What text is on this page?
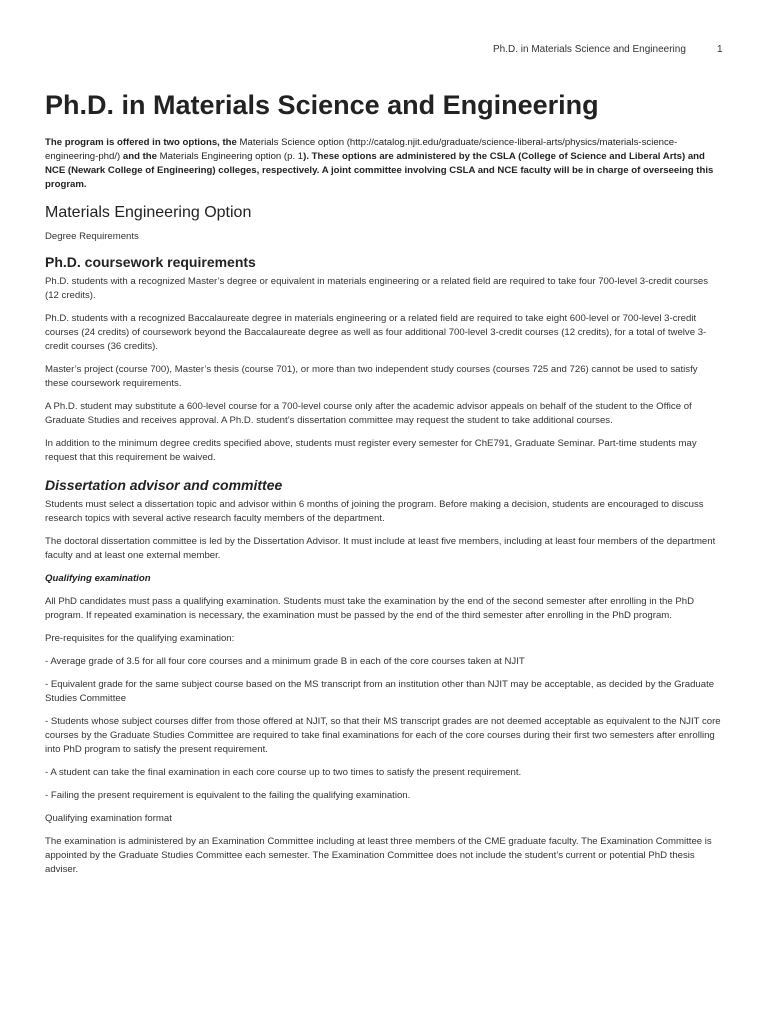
Ph.D. in Materials Science and Engineering	1
Ph.D. in Materials Science and Engineering
The program is offered in two options, the Materials Science option (http://catalog.njit.edu/graduate/science-liberal-arts/physics/materials-science-engineering-phd/) and the Materials Engineering option (p. 1). These options are administered by the CSLA (College of Science and Liberal Arts) and NCE (Newark College of Engineering) colleges, respectively. A joint committee involving CSLA and NCE faculty will be in charge of overseeing this program.
Materials Engineering Option

Degree Requirements

Ph.D. coursework requirements

Ph.D. students with a recognized Master’s degree or equivalent in materials engineering or a related field are required to take four 700-level 3-credit courses (12 credits).

Ph.D. students with a recognized Baccalaureate degree in materials engineering or a related field are required to take eight 600-level or 700-level 3-credit courses (24 credits) of coursework beyond the Baccalaureate degree as well as four additional 700-level 3-credit courses (12 credits), for a total of twelve 3-credit courses (36 credits).

Master’s project (course 700), Master’s thesis (course 701), or more than two independent study courses (courses 725 and 726) cannot be used to satisfy these coursework requirements.

A Ph.D. student may substitute a 600-level course for a 700-level course only after the academic advisor appeals on behalf of the student to the Office of Graduate Studies and receives approval. A Ph.D. student’s dissertation committee may request the student to take additional courses.

In addition to the minimum degree credits specified above, students must register every semester for ChE791, Graduate Seminar. Part-time students may request that this requirement be waived.

Dissertation advisor and committee

Students must select a dissertation topic and advisor within 6 months of joining the program. Before making a decision, students are encouraged to discuss research topics with several active research faculty members of the department.

The doctoral dissertation committee is led by the Dissertation Advisor. It must include at least five members, including at least four members of the department faculty and at least one external member.

Qualifying examination

All PhD candidates must pass a qualifying examination. Students must take the examination by the end of the second semester after enrolling in the PhD program. If repeated examination is necessary, the examination must be passed by the end of the third semester after enrolling in the PhD program.

Pre-requisites for the qualifying examination:

- Average grade of 3.5 for all four core courses and a minimum grade B in each of the core courses taken at NJIT

- Equivalent grade for the same subject course based on the MS transcript from an institution other than NJIT may be acceptable, as decided by the Graduate Studies Committee

- Students whose subject courses differ from those offered at NJIT, so that their MS transcript grades are not deemed acceptable as equivalent to the NJIT core courses by the Graduate Studies Committee are required to take final examinations for each of the core courses during their first two semesters after enrolling into PhD program to satisfy the present requirement.

- A student can take the final examination in each core course up to two times to satisfy the present requirement.

- Failing the present requirement is equivalent to the failing the qualifying examination.

Qualifying examination format

The examination is administered by an Examination Committee including at least three members of the CME graduate faculty. The Examination Committee is appointed by the Graduate Studies Committee each semester. The Examination Committee does not include the student’s current or potential PhD thesis adviser.
